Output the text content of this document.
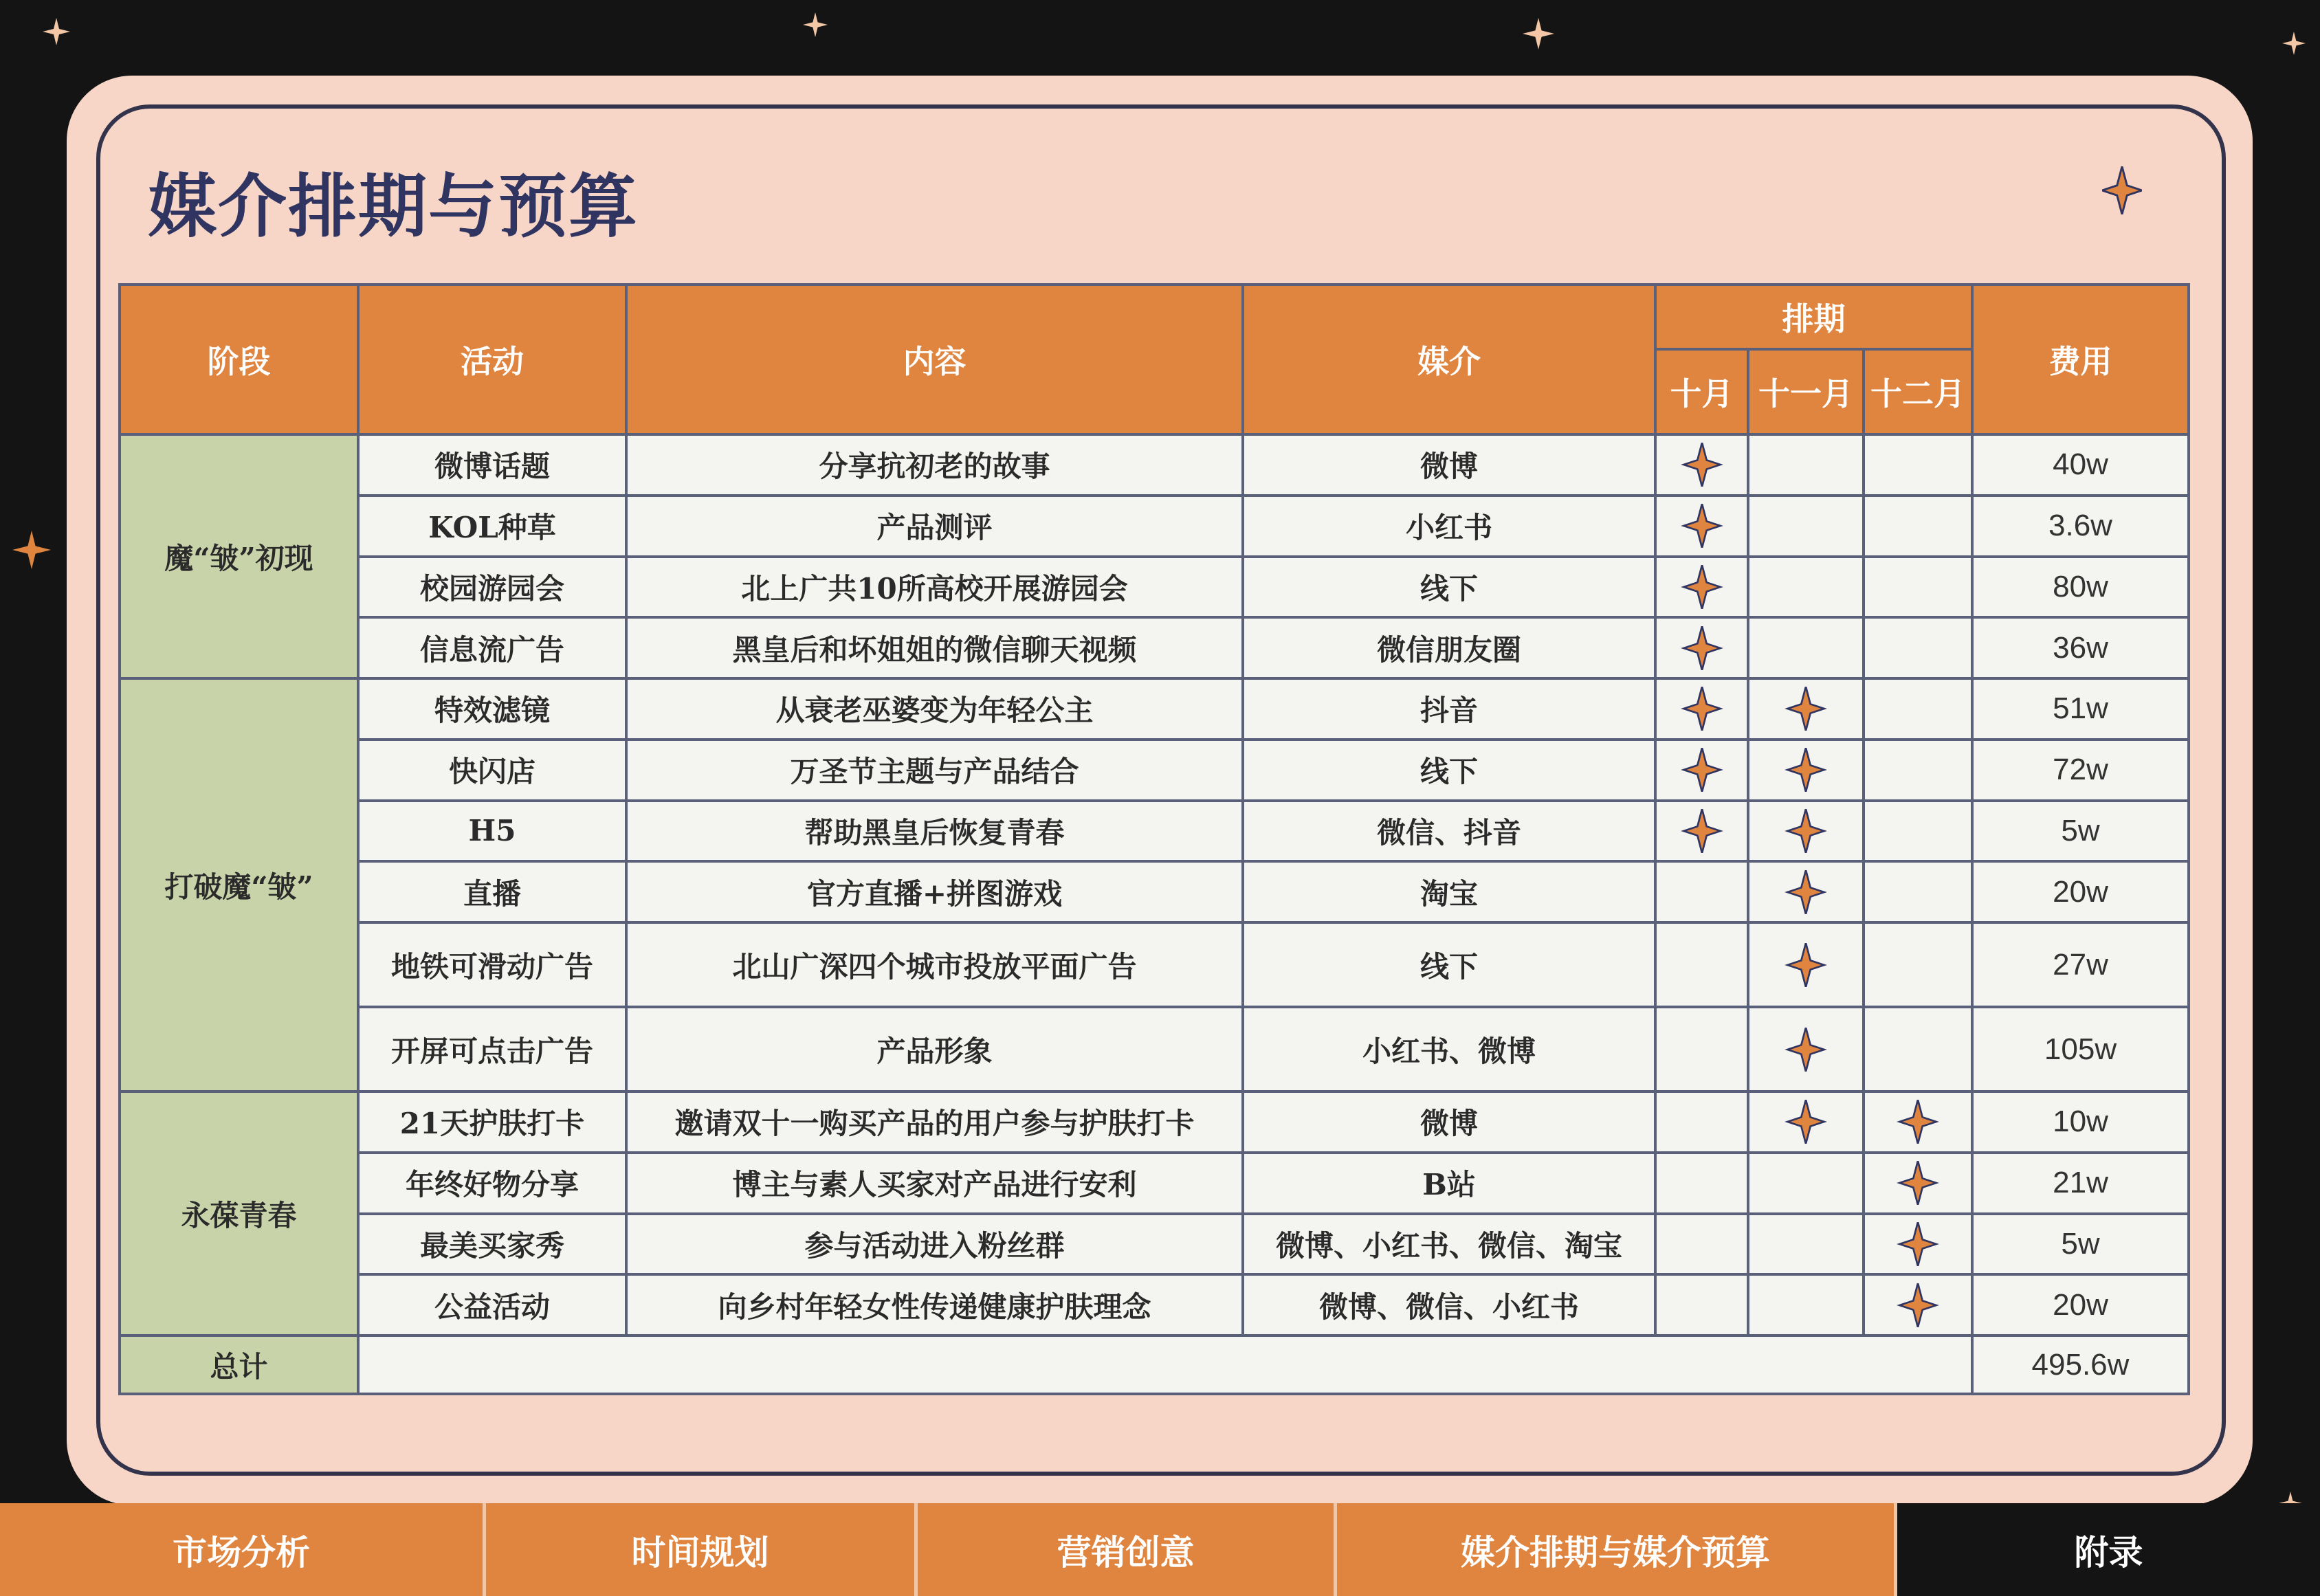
媒介排期与预算
阶段	活动	内容	媒介	排期			费用
				十月	十一月	十二月	
魔“皱”初现	微博话题	分享抗初老的故事	微博				40w
	KOL种草	产品测评	小红书				3.6w
	校园游园会	北上广共10所高校开展游园会	线下				80w
	信息流广告	黑皇后和坏姐姐的微信聊天视频	微信朋友圈				36w
打破魔“皱”	特效滤镜	从衰老巫婆变为年轻公主	抖音				51w
	快闪店	万圣节主题与产品结合	线下				72w
	H5	帮助黑皇后恢复青春	微信、抖音				5w
	直播	官方直播+拼图游戏	淘宝				20w
	地铁可滑动广告	北山广深四个城市投放平面广告	线下				27w
	开屏可点击广告	产品形象	小红书、微博				105w
永葆青春	21天护肤打卡	邀请双十一购买产品的用户参与护肤打卡	微博				10w
	年终好物分享	博主与素人买家对产品进行安利	B站				21w
	最美买家秀	参与活动进入粉丝群	微博、小红书、微信、淘宝				5w
	公益活动	向乡村年轻女性传递健康护肤理念	微博、微信、小红书				20w
总计							495.6w
市场分析	时间规划	营销创意	媒介排期与媒介预算	附录
